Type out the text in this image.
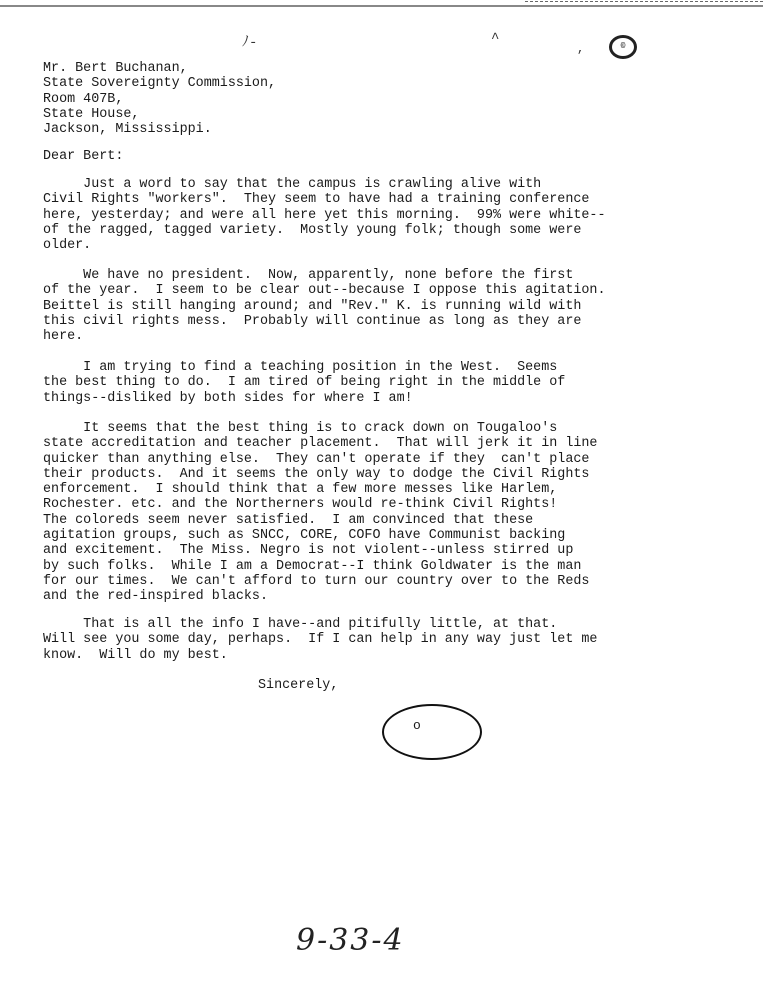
ﾉ-	^
,	©

Mr. Bert Buchanan,

State Sovereignty Commission,

Room 407B,

State House,

Jackson, Mississippi.

Dear Bert:

Just a word to say that the campus is crawling alive with

Civil Rights "workers".  They seem to have had a training conference

here, yesterday; and were all here yet this morning.  99% were white--

of the ragged, tagged variety.  Mostly young folk; though some were

older.

We have no president.  Now, apparently, none before the first

of the year.  I seem to be clear out--because I oppose this agitation.

Beittel is still hanging around; and "Rev." K. is running wild with

this civil rights mess.  Probably will continue as long as they are

here.

I am trying to find a teaching position in the West.  Seems

the best thing to do.  I am tired of being right in the middle of

things--disliked by both sides for where I am!

It seems that the best thing is to crack down on Tougaloo's

state accreditation and teacher placement.  That will jerk it in line

quicker than anything else.  They can't operate if they  can't place

their products.  And it seems the only way to dodge the Civil Rights

enforcement.  I should think that a few more messes like Harlem,

Rochester. etc. and the Northerners would re-think Civil Rights!

The coloreds seem never satisfied.  I am convinced that these

agitation groups, such as SNCC, CORE, COFO have Communist backing

and excitement.  The Miss. Negro is not violent--unless stirred up

by such folks.  While I am a Democrat--I think Goldwater is the man

for our times.  We can't afford to turn our country over to the Reds

and the red-inspired blacks.

That is all the info I have--and pitifully little, at that.

Will see you some day, perhaps.  If I can help in any way just let me

know.  Will do my best.

Sincerely,

o
9-33-4
